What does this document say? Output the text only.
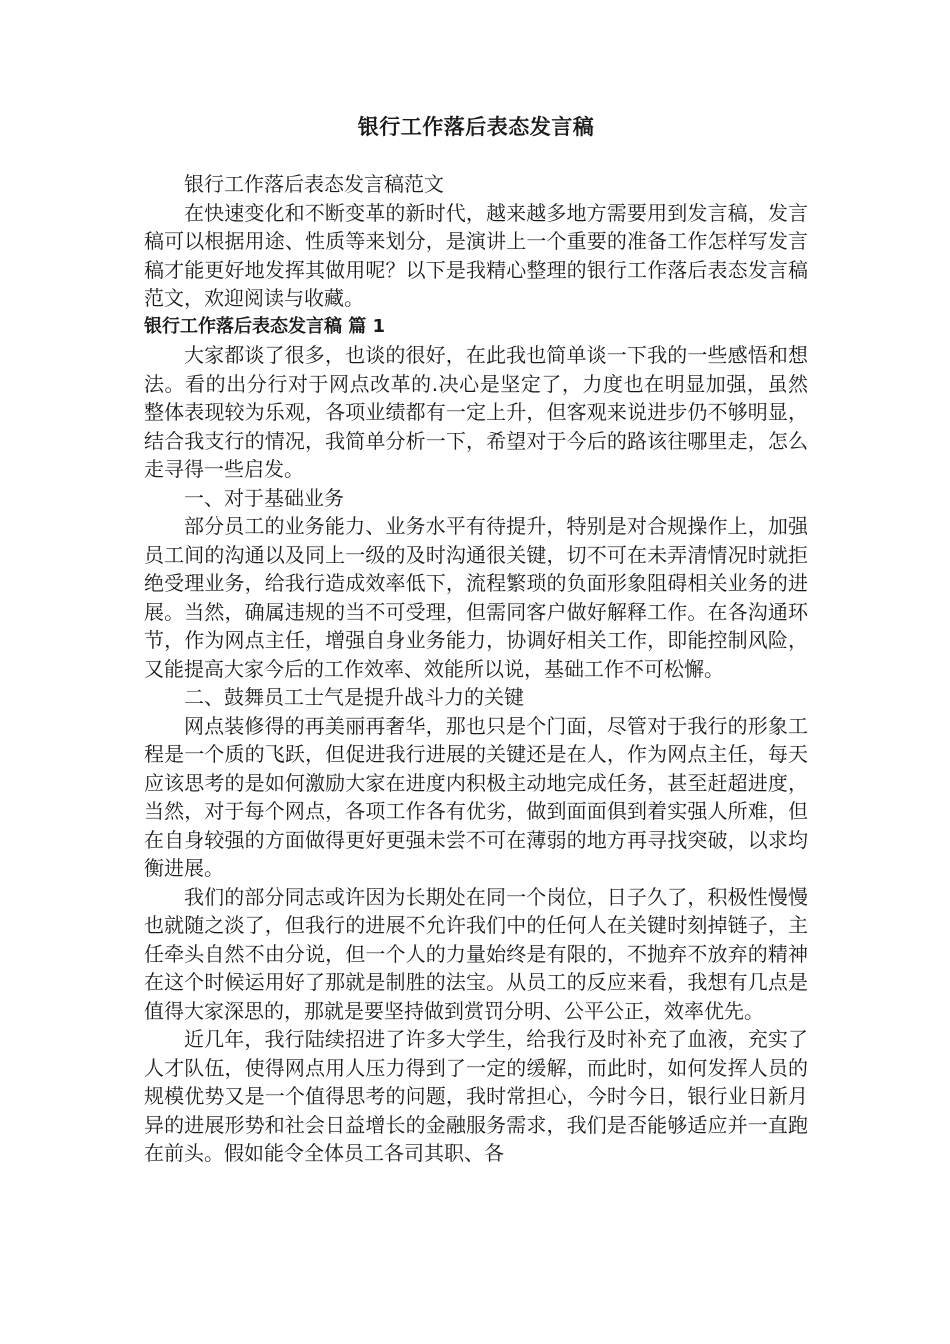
银行工作落后表态发言稿

银行工作落后表态发言稿范文

在快速变化和不断变革的新时代，越来越多地方需要用到发言稿，发言稿可以根据用途、性质等来划分，是演讲上一个重要的准备工作怎样写发言稿才能更好地发挥其做用呢？以下是我精心整理的银行工作落后表态发言稿范文，欢迎阅读与收藏。

银行工作落后表态发言稿 篇 1

大家都谈了很多，也谈的很好，在此我也简单谈一下我的一些感悟和想法。看的出分行对于网点改革的.决心是坚定了，力度也在明显加强，虽然整体表现较为乐观，各项业绩都有一定上升，但客观来说进步仍不够明显，结合我支行的情况，我简单分析一下，希望对于今后的路该往哪里走，怎么走寻得一些启发。

一、对于基础业务

部分员工的业务能力、业务水平有待提升，特别是对合规操作上，加强员工间的沟通以及同上一级的及时沟通很关键，切不可在未弄清情况时就拒绝受理业务，给我行造成效率低下，流程繁琐的负面形象阻碍相关业务的进展。当然，确属违规的当不可受理，但需同客户做好解释工作。在各沟通环节，作为网点主任，增强自身业务能力，协调好相关工作，即能控制风险，又能提高大家今后的工作效率、效能所以说，基础工作不可松懈。

二、鼓舞员工士气是提升战斗力的关键

网点装修得的再美丽再奢华，那也只是个门面，尽管对于我行的形象工程是一个质的飞跃，但促进我行进展的关键还是在人，作为网点主任，每天应该思考的是如何激励大家在进度内积极主动地完成任务，甚至赶超进度，当然，对于每个网点，各项工作各有优劣，做到面面俱到着实强人所难，但在自身较强的方面做得更好更强未尝不可在薄弱的地方再寻找突破，以求均衡进展。

我们的部分同志或许因为长期处在同一个岗位，日子久了，积极性慢慢也就随之淡了，但我行的进展不允许我们中的任何人在关键时刻掉链子，主任牵头自然不由分说，但一个人的力量始终是有限的，不抛弃不放弃的精神在这个时候运用好了那就是制胜的法宝。从员工的反应来看，我想有几点是值得大家深思的，那就是要坚持做到赏罚分明、公平公正，效率优先。

近几年，我行陆续招进了许多大学生，给我行及时补充了血液，充实了人才队伍，使得网点用人压力得到了一定的缓解，而此时，如何发挥人员的规模优势又是一个值得思考的问题，我时常担心，今时今日，银行业日新月异的进展形势和社会日益增长的金融服务需求，我们是否能够适应并一直跑在前头。假如能令全体员工各司其职、各
